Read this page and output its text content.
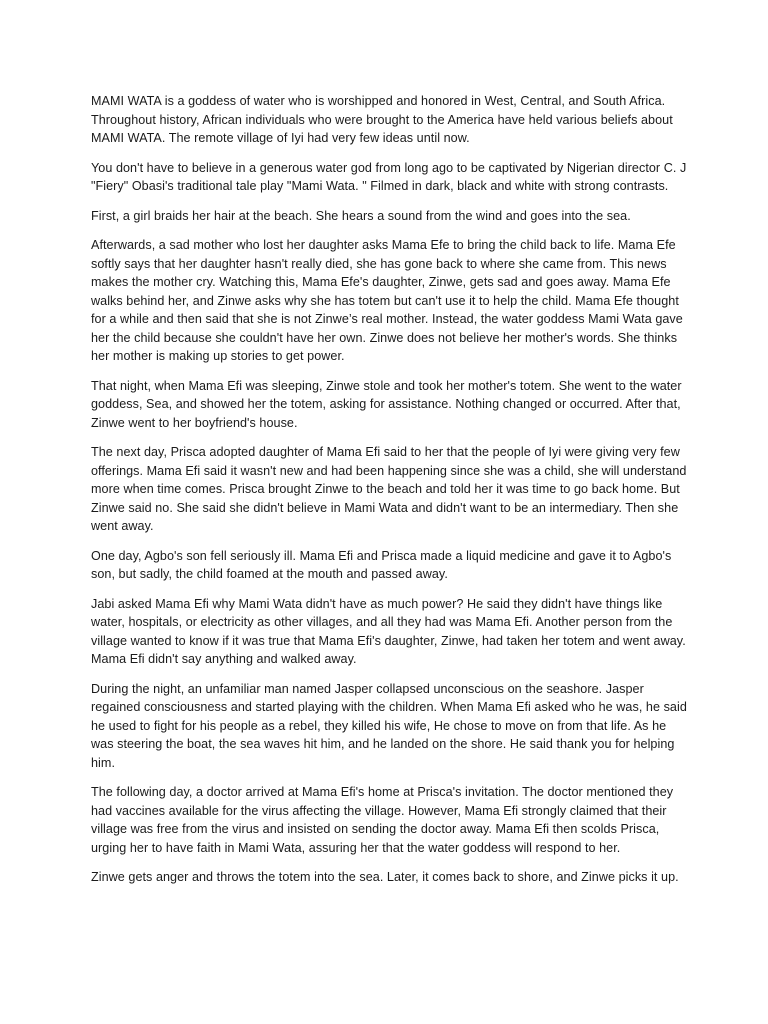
MAMI WATA is a goddess of water who is worshipped and honored in West, Central, and South Africa. Throughout history, African individuals who were brought to the America have held various beliefs about MAMI WATA. The remote village of Iyi had very few ideas until now.

You don't have to believe in a generous water god from long ago to be captivated by Nigerian director C. J "Fiery" Obasi's traditional tale play "Mami Wata. " Filmed in dark, black and white with strong contrasts.

First, a girl braids her hair at the beach. She hears a sound from the wind and goes into the sea.

Afterwards, a sad mother who lost her daughter asks Mama Efe to bring the child back to life. Mama Efe softly says that her daughter hasn't really died, she has gone back to where she came from. This news makes the mother cry. Watching this, Mama Efe's daughter, Zinwe, gets sad and goes away. Mama Efe walks behind her, and Zinwe asks why she has totem but can't use it to help the child. Mama Efe thought for a while and then said that she is not Zinwe’s real mother. Instead, the water goddess Mami Wata gave her the child because she couldn't have her own. Zinwe does not believe her mother's words. She thinks her mother is making up stories to get power.

That night, when Mama Efi was sleeping, Zinwe stole and took her mother's totem. She went to the water goddess, Sea, and showed her the totem, asking for assistance. Nothing changed or occurred. After that, Zinwe went to her boyfriend's house.

The next day, Prisca adopted daughter of Mama Efi said to her that the people of Iyi were giving very few offerings. Mama Efi said it wasn't new and had been happening since she was a child, she will understand more when time comes. Prisca brought Zinwe to the beach and told her it was time to go back home. But Zinwe said no. She said she didn't believe in Mami Wata and didn't want to be an intermediary. Then she went away.

One day, Agbo's son fell seriously ill. Mama Efi and Prisca made a liquid medicine and gave it to Agbo's son, but sadly, the child foamed at the mouth and passed away.

Jabi asked Mama Efi why Mami Wata didn't have as much power? He said they didn't have things like water, hospitals, or electricity as other villages, and all they had was Mama Efi. Another person from the village wanted to know if it was true that Mama Efi's daughter, Zinwe, had taken her totem and went away. Mama Efi didn't say anything and walked away.

During the night, an unfamiliar man named Jasper collapsed unconscious on the seashore. Jasper regained consciousness and started playing with the children. When Mama Efi asked who he was, he said he used to fight for his people as a rebel, they killed his wife, He chose to move on from that life. As he was steering the boat, the sea waves hit him, and he landed on the shore. He said thank you for helping him.

The following day, a doctor arrived at Mama Efi's home at Prisca's invitation. The doctor mentioned they had vaccines available for the virus affecting the village. However, Mama Efi strongly claimed that their village was free from the virus and insisted on sending the doctor away. Mama Efi then scolds Prisca, urging her to have faith in Mami Wata, assuring her that the water goddess will respond to her.

Zinwe gets anger and throws the totem into the sea. Later, it comes back to shore, and Zinwe picks it up.
